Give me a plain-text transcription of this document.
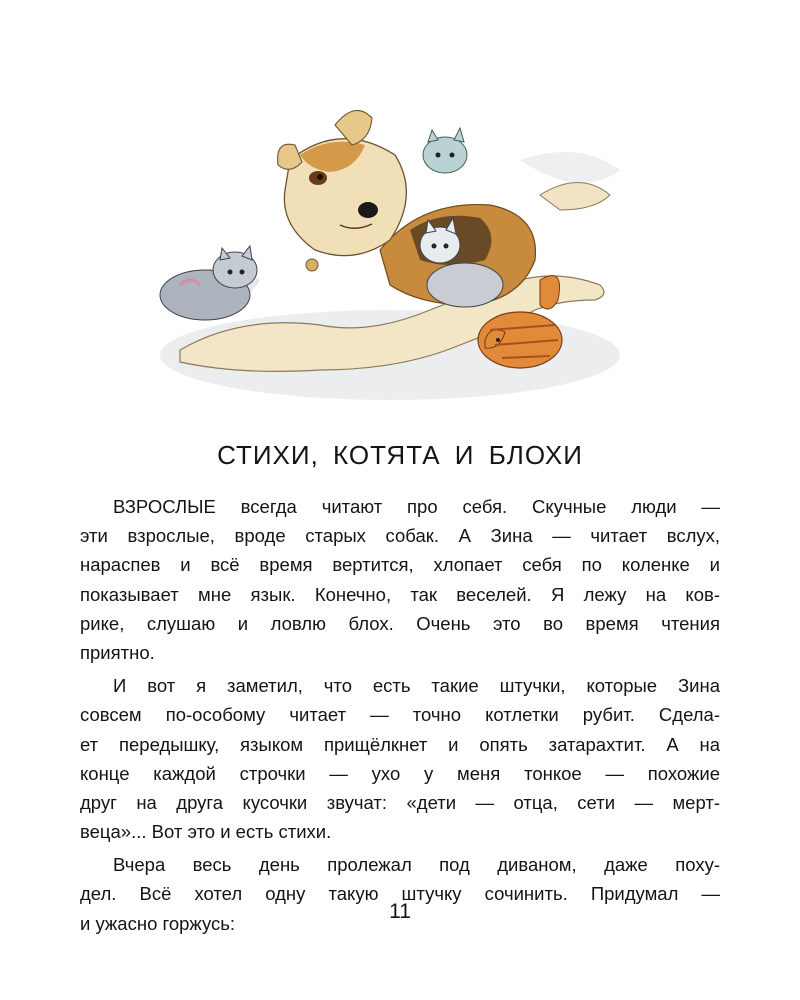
СТИХИ, КОТЯТА И БЛОХИ

ВЗРОСЛЫЕ всегда читают про себя. Скучные люди —
эти взрослые, вроде старых собак. А Зина — читает вслух,
нараспев и всё время вертится, хлопает себя по коленке и
показывает мне язык. Конечно, так веселей. Я лежу на ков-
рике, слушаю и ловлю блох. Очень это во время чтения
приятно.

И вот я заметил, что есть такие штучки, которые Зина
совсем по-особому читает — точно котлетки рубит. Сдела-
ет передышку, языком прищёлкнет и опять затарахтит. А на
конце каждой строчки — ухо у меня тонкое — похожие
друг на друга кусочки звучат: «дети — отца, сети — мерт-
веца»... Вот это и есть стихи.

Вчера весь день пролежал под диваном, даже поху-
дел. Всё хотел одну такую штучку сочинить. Придумал —
и ужасно горжусь:

11
